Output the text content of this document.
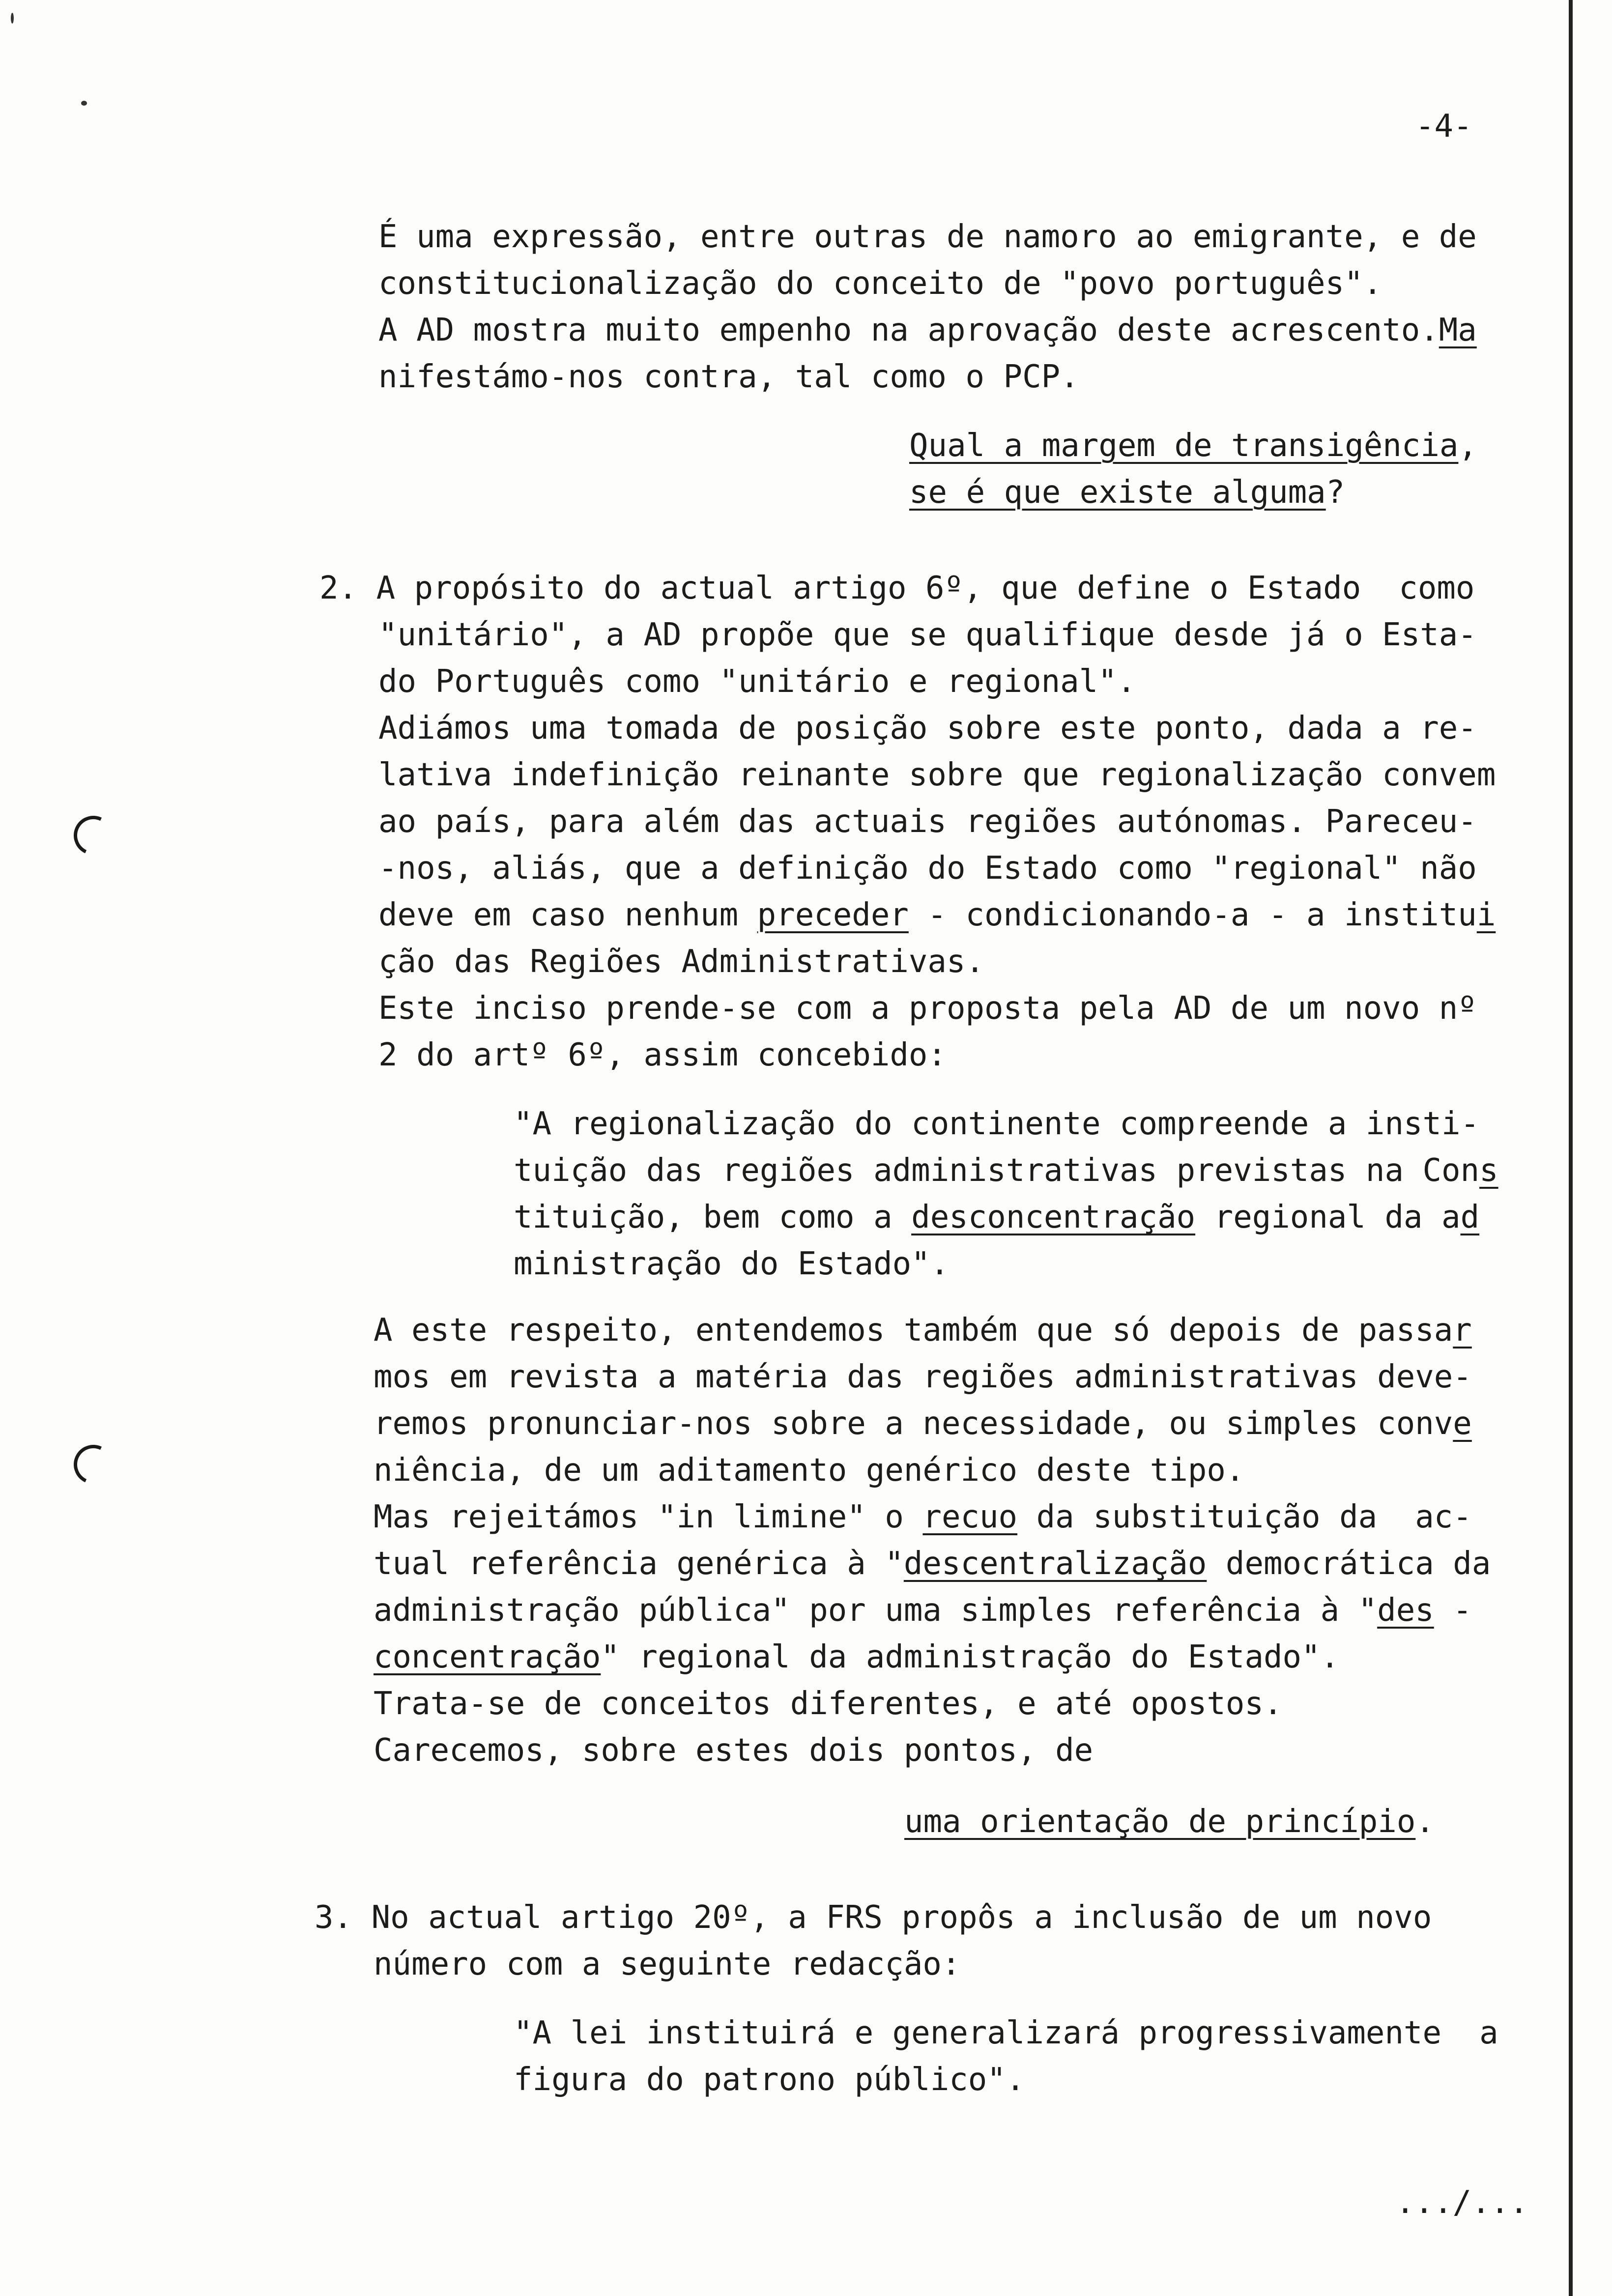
-4-
É uma expressão, entre outras de namoro ao emigrante, e de
constitucionalização do conceito de "povo português".
A AD mostra muito empenho na aprovação deste acrescento.Ma
nifestámo-nos contra, tal como o PCP.
Qual a margem de transigência,
se é que existe alguma?
2. A propósito do actual artigo 6º, que define o Estado  como
"unitário", a AD propõe que se qualifique desde já o Esta-
do Português como "unitário e regional".
Adiámos uma tomada de posição sobre este ponto, dada a re-
lativa indefinição reinante sobre que regionalização convem
ao país, para além das actuais regiões autónomas. Pareceu-
-nos, aliás, que a definição do Estado como "regional" não
deve em caso nenhum preceder - condicionando-a - a institui
ção das Regiões Administrativas.
Este inciso prende-se com a proposta pela AD de um novo nº
2 do artº 6º, assim concebido:
"A regionalização do continente compreende a insti-
tuição das regiões administrativas previstas na Cons
tituição, bem como a desconcentração regional da ad
ministração do Estado".
A este respeito, entendemos também que só depois de passar
mos em revista a matéria das regiões administrativas deve-
remos pronunciar-nos sobre a necessidade, ou simples conve
niência, de um aditamento genérico deste tipo.
Mas rejeitámos "in limine" o recuo da substituição da  ac-
tual referência genérica à "descentralização democrática da
administração pública" por uma simples referência à "des -
concentração" regional da administração do Estado".
Trata-se de conceitos diferentes, e até opostos.
Carecemos, sobre estes dois pontos, de
uma orientação de princípio.
3. No actual artigo 20º, a FRS propôs a inclusão de um novo
número com a seguinte redacção:
"A lei instituirá e generalizará progressivamente  a
figura do patrono público".
.../...
